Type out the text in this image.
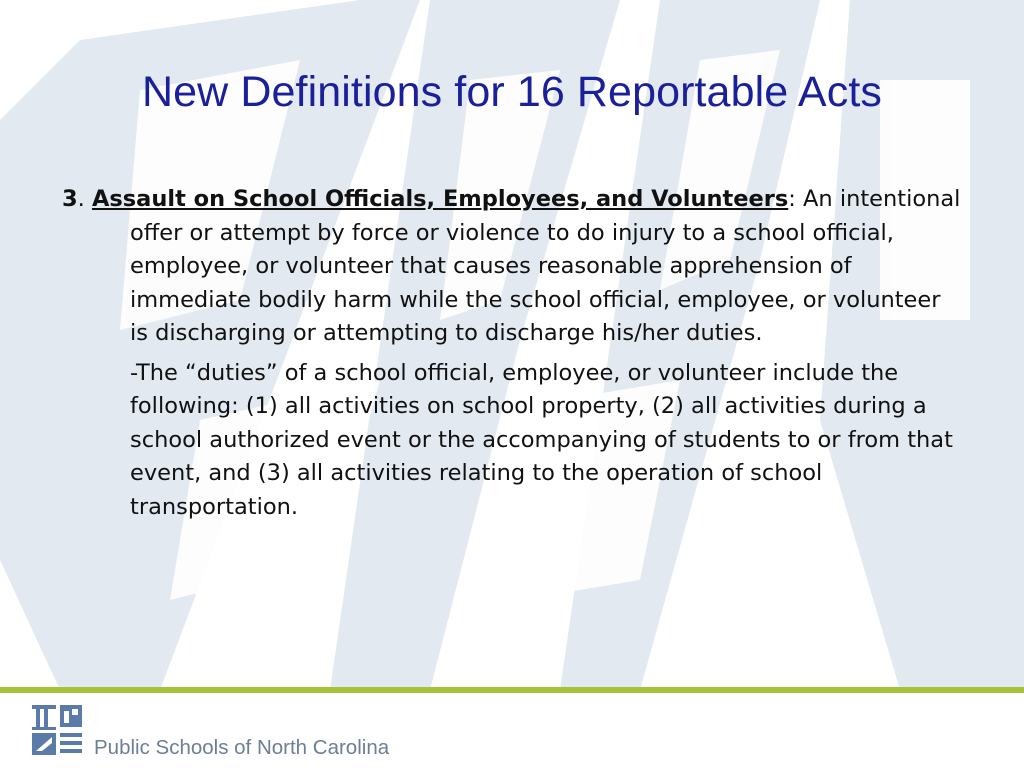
New Definitions for 16 Reportable Acts

3. Assault on School Officials, Employees, and Volunteers: An intentional offer or attempt by force or violence to do injury to a school official, employee, or volunteer that causes reasonable apprehension of immediate bodily harm while the school official, employee, or volunteer is discharging or attempting to discharge his/her duties.

-The “duties” of a school official, employee, or volunteer include the following: (1) all activities on school property, (2) all activities during a school authorized event or the accompanying of students to or from that event, and (3) all activities relating to the operation of school transportation.

Public Schools of North Carolina
